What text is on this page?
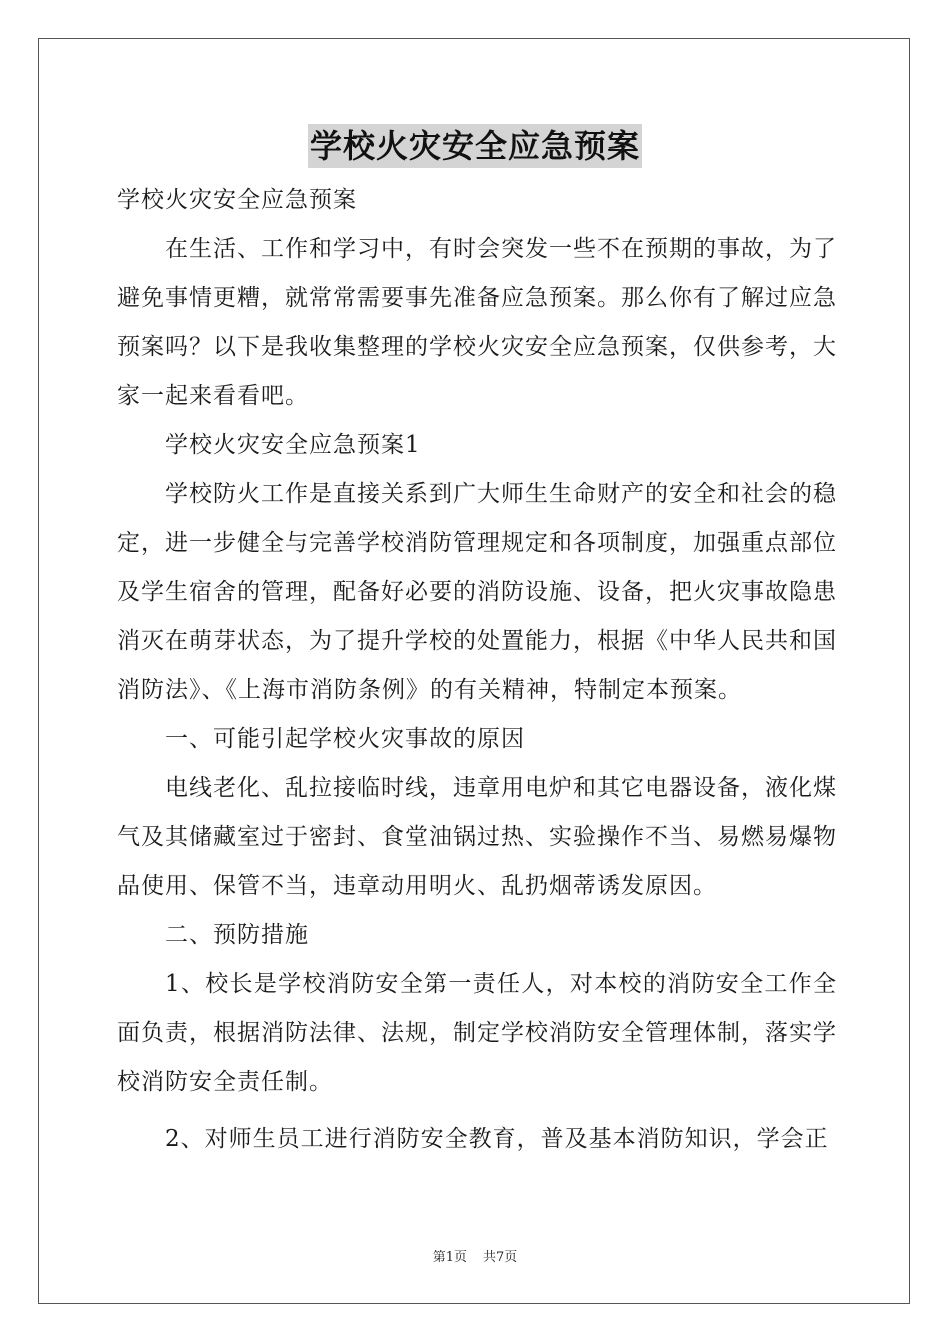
学校火灾安全应急预案

学校火灾安全应急预案

在生活、工作和学习中，有时会突发一些不在预期的事故，为了避免事情更糟，就常常需要事先准备应急预案。那么你有了解过应急预案吗？以下是我收集整理的学校火灾安全应急预案，仅供参考，大家一起来看看吧。

学校火灾安全应急预案1

学校防火工作是直接关系到广大师生生命财产的安全和社会的稳定，进一步健全与完善学校消防管理规定和各项制度，加强重点部位及学生宿舍的管理，配备好必要的消防设施、设备，把火灾事故隐患消灭在萌芽状态，为了提升学校的处置能力，根据《中华人民共和国消防法》、《上海市消防条例》的有关精神，特制定本预案。

一、可能引起学校火灾事故的原因

电线老化、乱拉接临时线，违章用电炉和其它电器设备，液化煤气及其储藏室过于密封、食堂油锅过热、实验操作不当、易燃易爆物品使用、保管不当，违章动用明火、乱扔烟蒂诱发原因。

二、预防措施

1、校长是学校消防安全第一责任人，对本校的消防安全工作全面负责，根据消防法律、法规，制定学校消防安全管理体制，落实学校消防安全责任制。

2、对师生员工进行消防安全教育，普及基本消防知识，学会正

第1页 共7页
